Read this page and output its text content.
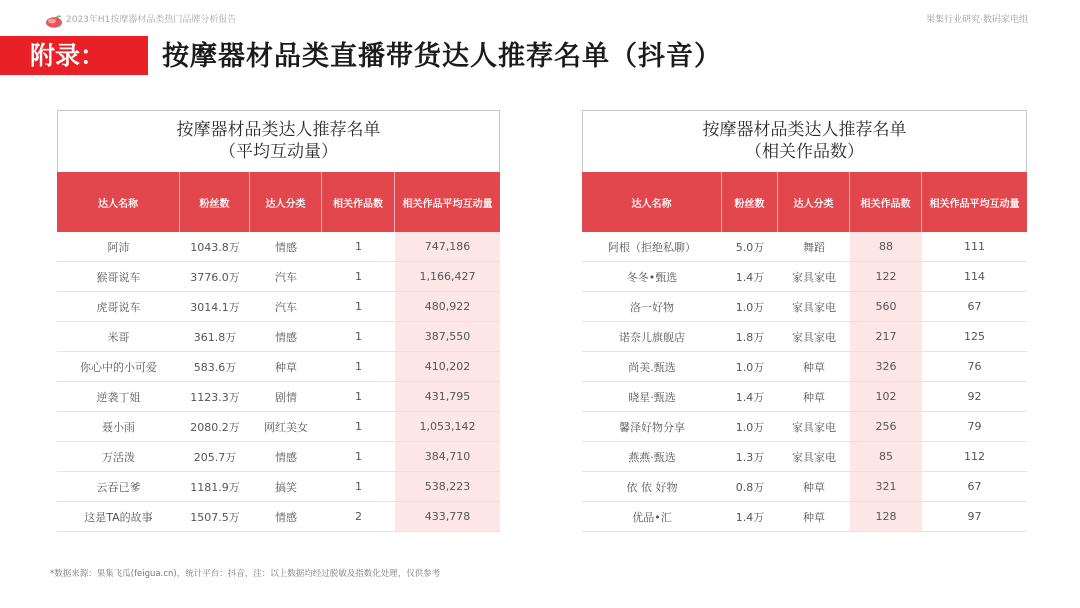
2023年H1按摩器材品类热门品牌分析报告	果集行业研究·数码家电组
附录：	按摩器材品类直播带货达人推荐名单（抖音）
按摩器材品类达人推荐名单
（平均互动量）
达人名称	粉丝数	达人分类	相关作品数	相关作品平均互动量
阿沛	1043.8万	情感	1	747,186
猴哥说车	3776.0万	汽车	1	1,166,427
虎哥说车	3014.1万	汽车	1	480,922
米哥	361.8万	情感	1	387,550
你心中的小可爱	583.6万	种草	1	410,202
逆袭丁姐	1123.3万	剧情	1	431,795
聂小雨	2080.2万	网红美女	1	1,053,142
万活泼	205.7万	情感	1	384,710
云吞已爹	1181.9万	搞笑	1	538,223
这是TA的故事	1507.5万	情感	2	433,778
按摩器材品类达人推荐名单
（相关作品数）
达人名称	粉丝数	达人分类	相关作品数	相关作品平均互动量
阿根（拒绝私聊）	5.0万	舞蹈	88	111
冬冬•甄选	1.4万	家具家电	122	114
洛一好物	1.0万	家具家电	560	67
诺奈儿旗舰店	1.8万	家具家电	217	125
尚美.甄选	1.0万	种草	326	76
晓星·甄选	1.4万	种草	102	92
馨泽好物分享	1.0万	家具家电	256	79
燕燕·甄选	1.3万	家具家电	85	112
依 依 好物	0.8万	种草	321	67
优品•汇	1.4万	种草	128	97
*数据来源：果集飞瓜(feigua.cn)，统计平台：抖音，注：以上数据均经过脱敏及指数化处理，仅供参考
